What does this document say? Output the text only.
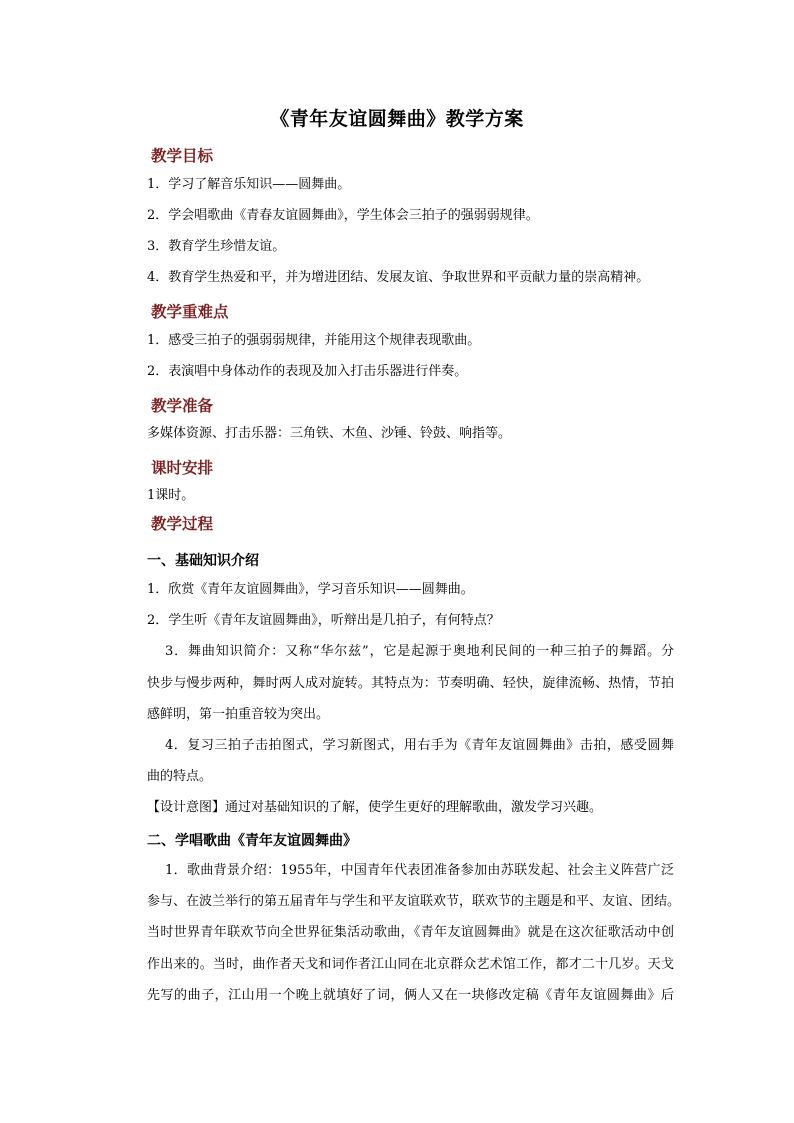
《青年友谊圆舞曲》教学方案
教学目标
1．学习了解音乐知识——圆舞曲。
2．学会唱歌曲《青春友谊圆舞曲》，学生体会三拍子的强弱弱规律。
3．教育学生珍惜友谊。
4．教育学生热爱和平，并为增进团结、发展友谊、争取世界和平贡献力量的崇高精神。
教学重难点
1．感受三拍子的强弱弱规律，并能用这个规律表现歌曲。
2．表演唱中身体动作的表现及加入打击乐器进行伴奏。
教学准备
多媒体资源、打击乐器：三角铁、木鱼、沙锤、铃鼓、响指等。
课时安排
1课时。
教学过程
一、基础知识介绍
1．欣赏《青年友谊圆舞曲》，学习音乐知识——圆舞曲。
2．学生听《青年友谊圆舞曲》，听辩出是几拍子，有何特点？
3．舞曲知识简介：又称“华尔兹”，它是起源于奥地利民间的一种三拍子的舞蹈。分
快步与慢步两种，舞时两人成对旋转。其特点为：节奏明确、轻快，旋律流畅、热情，节拍
感鲜明，第一拍重音较为突出。
4．复习三拍子击拍图式，学习新图式，用右手为《青年友谊圆舞曲》击拍，感受圆舞
曲的特点。
【设计意图】通过对基础知识的了解，使学生更好的理解歌曲，激发学习兴趣。
二、学唱歌曲《青年友谊圆舞曲》
1．歌曲背景介绍：1955年，中国青年代表团准备参加由苏联发起、社会主义阵营广泛
参与、在波兰举行的第五届青年与学生和平友谊联欢节，联欢节的主题是和平、友谊、团结。
当时世界青年联欢节向全世界征集活动歌曲，《青年友谊圆舞曲》就是在这次征歌活动中创
作出来的。当时，曲作者天戈和词作者江山同在北京群众艺术馆工作，都才二十几岁。天戈
先写的曲子，江山用一个晚上就填好了词，俩人又在一块修改定稿《青年友谊圆舞曲》后
